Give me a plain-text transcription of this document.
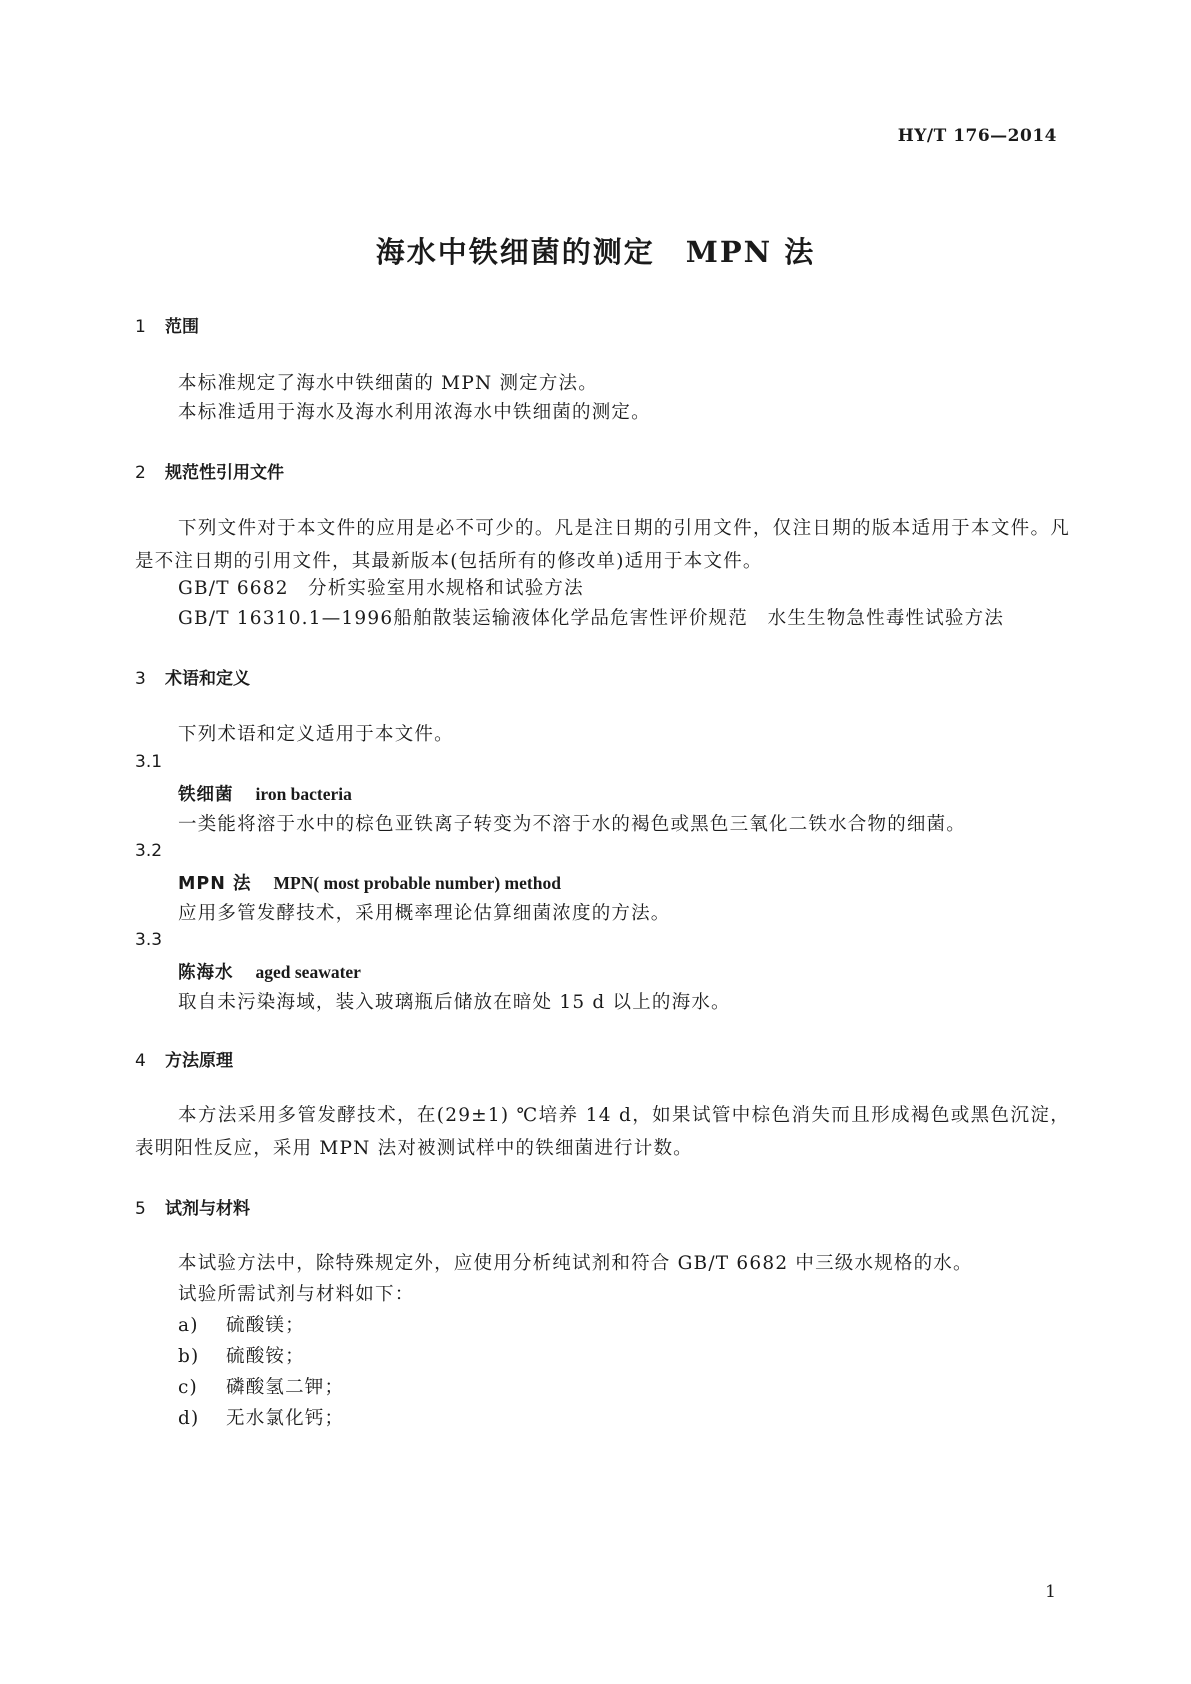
HY/T 176—2014
海水中铁细菌的测定　MPN 法
1 范围
本标准规定了海水中铁细菌的 MPN 测定方法。
本标准适用于海水及海水利用浓海水中铁细菌的测定。
2 规范性引用文件
下列文件对于本文件的应用是必不可少的。凡是注日期的引用文件，仅注日期的版本适用于本文件。凡是不注日期的引用文件，其最新版本(包括所有的修改单)适用于本文件。
GB/T 6682 分析实验室用水规格和试验方法
GB/T 16310.1—1996船舶散装运输液体化学品危害性评价规范　水生生物急性毒性试验方法
3 术语和定义
下列术语和定义适用于本文件。
3.1
铁细菌 iron bacteria
一类能将溶于水中的棕色亚铁离子转变为不溶于水的褐色或黑色三氧化二铁水合物的细菌。
3.2
MPN 法 MPN( most probable number) method
应用多管发酵技术，采用概率理论估算细菌浓度的方法。
3.3
陈海水 aged seawater
取自未污染海域，装入玻璃瓶后储放在暗处 15 d 以上的海水。
4 方法原理
本方法采用多管发酵技术，在(29±1) ℃培养 14 d，如果试管中棕色消失而且形成褐色或黑色沉淀，表明阳性反应，采用 MPN 法对被测试样中的铁细菌进行计数。
5 试剂与材料
本试验方法中，除特殊规定外，应使用分析纯试剂和符合 GB/T 6682 中三级水规格的水。
试验所需试剂与材料如下：
a) 硫酸镁；
b) 硫酸铵；
c) 磷酸氢二钾；
d) 无水氯化钙；
1
